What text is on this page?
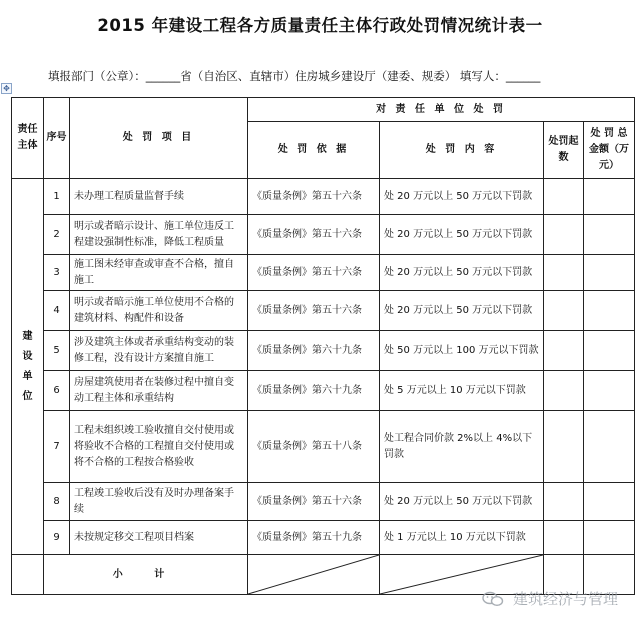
2015 年建设工程各方质量责任主体行政处罚情况统计表一
填报部门（公章）：______省（自治区、直辖市）住房城乡建设厅（建委、规委） 填写人：______
✥
责任主体	序号	处 罚 项 目	对 责 任 单 位 处 罚			
			处 罚 依 据	处 罚 内 容	处罚起数	处 罚 总金额（万元）

建
设
单
位	1	未办理工程质量监督手续	《质量条例》第五十六条	处 20 万元以上 50 万元以下罚款		
	2	明示或者暗示设计、施工单位违反工程建设强制性标准，降低工程质量	《质量条例》第五十六条	处 20 万元以上 50 万元以下罚款		
	3	施工图未经审查或审查不合格，擅自施工	《质量条例》第五十六条	处 20 万元以上 50 万元以下罚款		
	4	明示或者暗示施工单位使用不合格的建筑材料、构配件和设备	《质量条例》第五十六条	处 20 万元以上 50 万元以下罚款		
	5	涉及建筑主体或者承重结构变动的装修工程，没有设计方案擅自施工	《质量条例》第六十九条	处 50 万元以上 100 万元以下罚款		
	6	房屋建筑使用者在装修过程中擅自变动工程主体和承重结构	《质量条例》第六十九条	处 5 万元以上 10 万元以下罚款		
	7	工程未组织竣工验收擅自交付使用或将验收不合格的工程擅自交付使用或将不合格的工程按合格验收	《质量条例》第五十八条	处工程合同价款 2%以上 4%以下罚款		
	8	工程竣工验收后没有及时办理备案手续	《质量条例》第五十六条	处 20 万元以上 50 万元以下罚款		
	9	未按规定移交工程项目档案	《质量条例》第五十九条	处 1 万元以上 10 万元以下罚款		
	小 计	

建筑经济与管理
